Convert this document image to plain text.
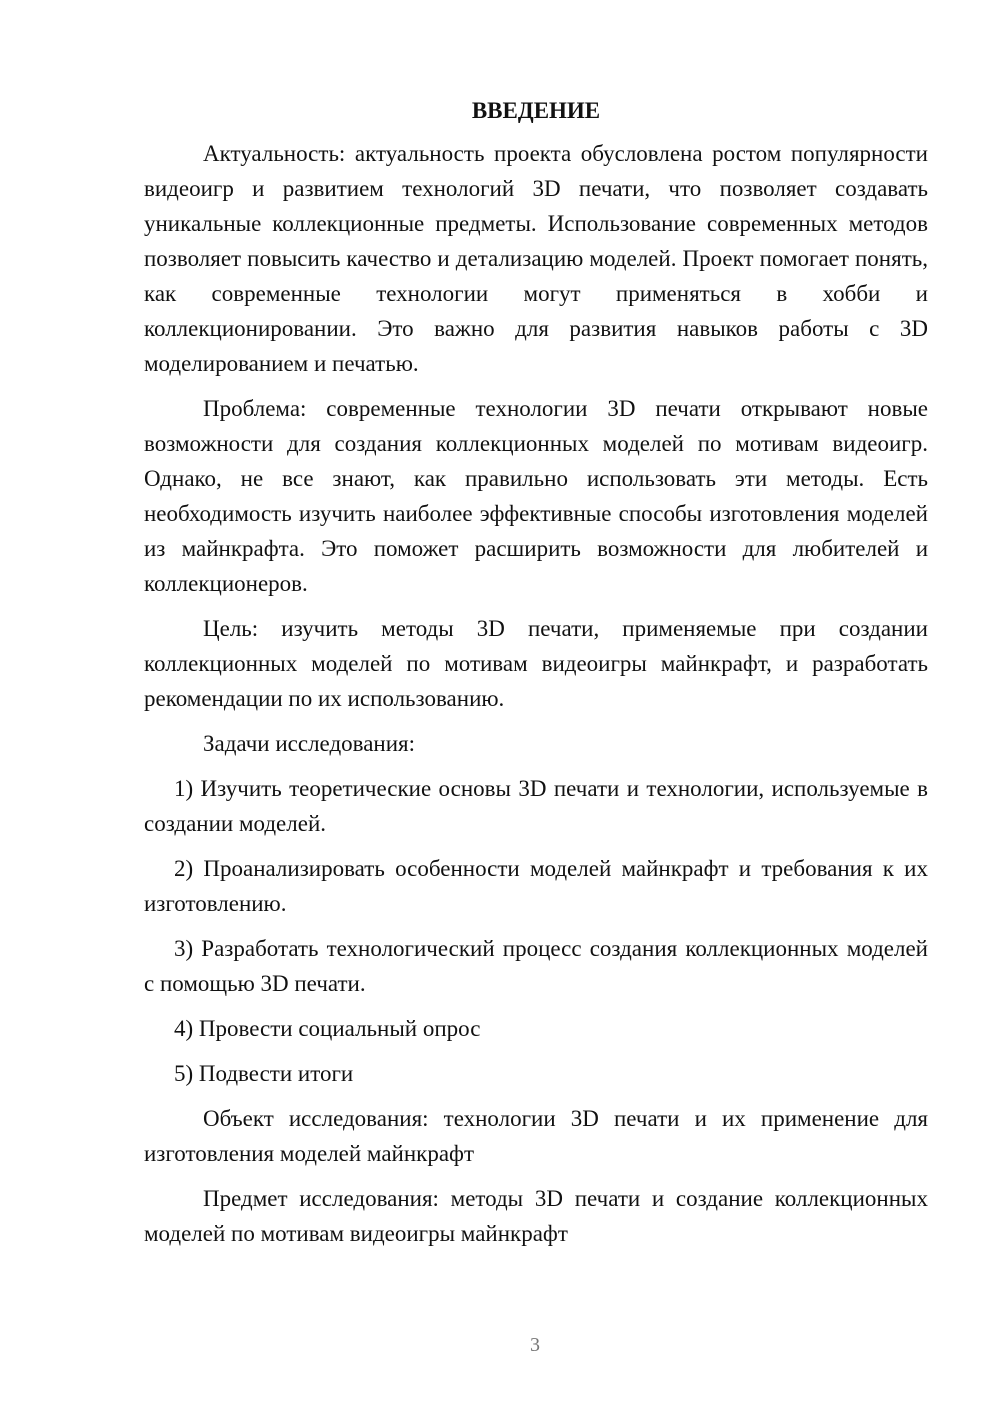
ВВЕДЕНИЕ

Актуальность: актуальность проекта обусловлена ростом популярности видеоигр и развитием технологий 3D печати, что позволяет создавать уникальные коллекционные предметы. Использование современных методов позволяет повысить качество и детализацию моделей. Проект помогает понять, как современные технологии могут применяться в хобби и коллекционировании. Это важно для развития навыков работы с 3D моделированием и печатью.

Проблема: современные технологии 3D печати открывают новые возможности для создания коллекционных моделей по мотивам видеоигр. Однако, не все знают, как правильно использовать эти методы. Есть необходимость изучить наиболее эффективные способы изготовления моделей из майнкрафта. Это поможет расширить возможности для любителей и коллекционеров.

Цель: изучить методы 3D печати, применяемые при создании коллекционных моделей по мотивам видеоигры майнкрафт, и разработать рекомендации по их использованию.

Задачи исследования:

1) Изучить теоретические основы 3D печати и технологии, используемые в создании моделей.

2) Проанализировать особенности моделей майнкрафт и требования к их изготовлению.

3) Разработать технологический процесс создания коллекционных моделей с помощью 3D печати.

4) Провести социальный опрос

5) Подвести итоги

Объект исследования: технологии 3D печати и их применение для изготовления моделей майнкрафт

Предмет исследования: методы 3D печати и создание коллекционных моделей по мотивам видеоигры майнкрафт

3
